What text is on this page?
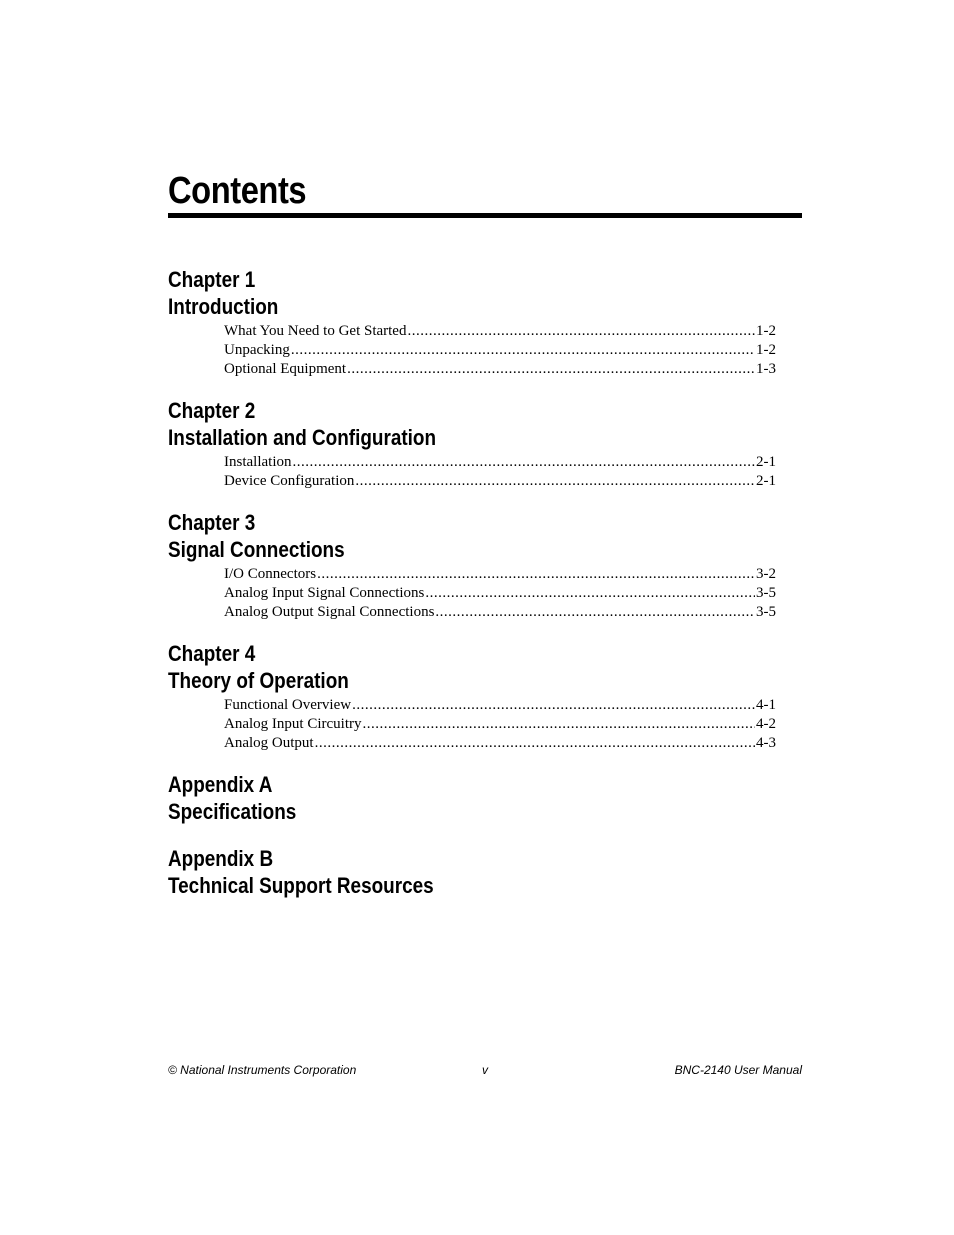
Contents
Chapter 1
Introduction
What You Need to Get Started .....	1-2
Unpacking .....	1-2
Optional Equipment .....	1-3
Chapter 2
Installation and Configuration
Installation .....	2-1
Device Configuration .....	2-1
Chapter 3
Signal Connections
I/O Connectors .....	3-2
Analog Input Signal Connections .....	3-5
Analog Output Signal Connections .....	3-5
Chapter 4
Theory of Operation
Functional Overview .....	4-1
Analog Input Circuitry .....	4-2
Analog Output .....	4-3
Appendix A
Specifications
Appendix B
Technical Support Resources
© National Instruments Corporation	v	BNC-2140 User Manual
